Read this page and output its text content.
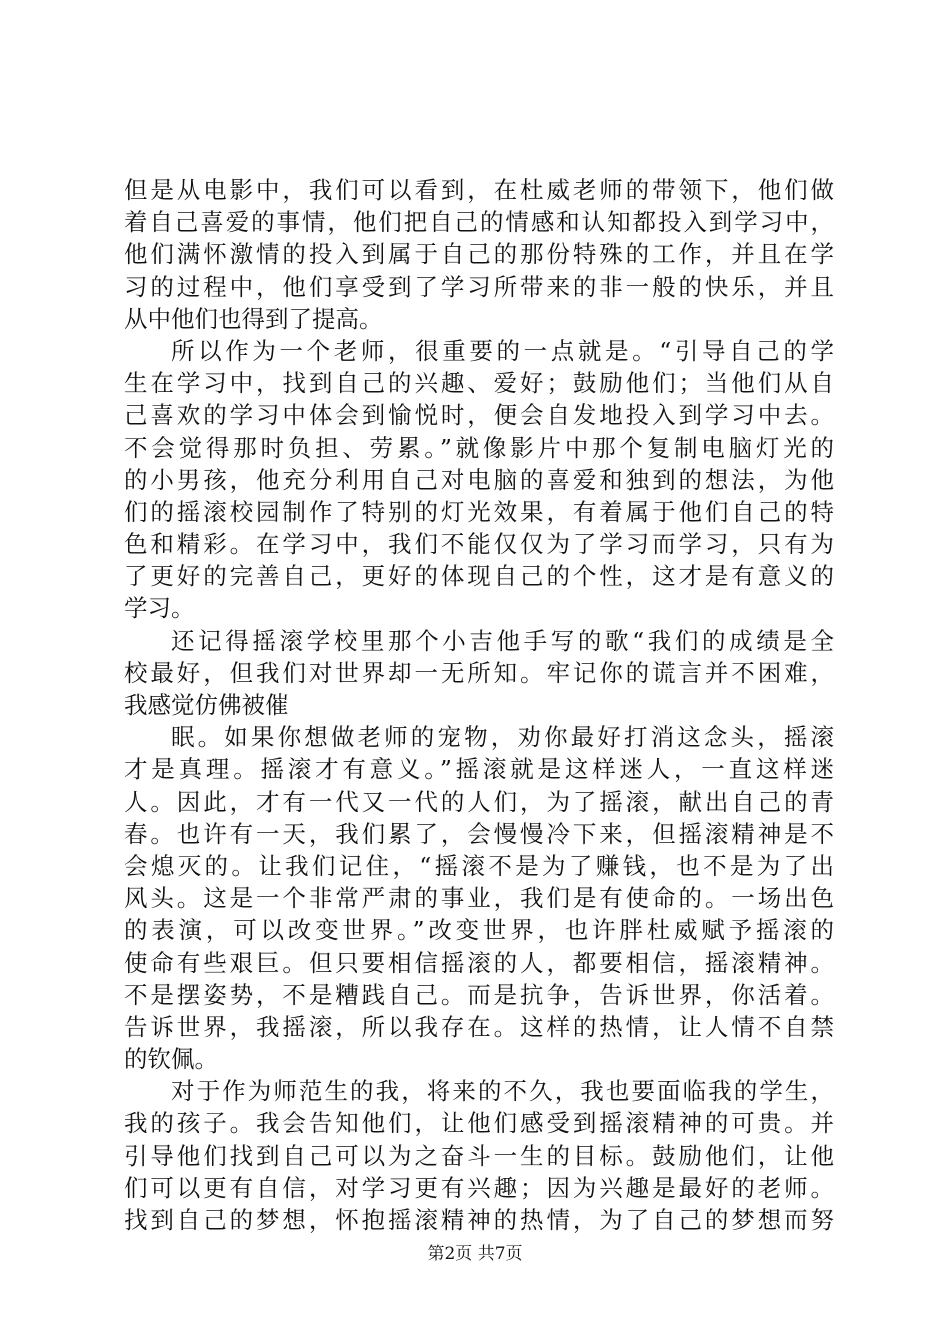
但是从电影中，我们可以看到，在杜威老师的带领下，他们做
着自己喜爱的事情，他们把自己的情感和认知都投入到学习中，
他们满怀激情的投入到属于自己的那份特殊的工作，并且在学
习的过程中，他们享受到了学习所带来的非一般的快乐，并且
从中他们也得到了提高。
所以作为一个老师，很重要的一点就是。“引导自己的学
生在学习中，找到自己的兴趣、爱好；鼓励他们；当他们从自
己喜欢的学习中体会到愉悦时，便会自发地投入到学习中去。
不会觉得那时负担、劳累。”就像影片中那个复制电脑灯光的
的小男孩，他充分利用自己对电脑的喜爱和独到的想法，为他
们的摇滚校园制作了特别的灯光效果，有着属于他们自己的特
色和精彩。在学习中，我们不能仅仅为了学习而学习，只有为
了更好的完善自己，更好的体现自己的个性，这才是有意义的
学习。
还记得摇滚学校里那个小吉他手写的歌“我们的成绩是全
校最好，但我们对世界却一无所知。牢记你的谎言并不困难，
我感觉仿佛被催
眠。如果你想做老师的宠物，劝你最好打消这念头，摇滚
才是真理。摇滚才有意义。”摇滚就是这样迷人，一直这样迷
人。因此，才有一代又一代的人们，为了摇滚，献出自己的青
春。也许有一天，我们累了，会慢慢冷下来，但摇滚精神是不
会熄灭的。让我们记住，“摇滚不是为了赚钱，也不是为了出
风头。这是一个非常严肃的事业，我们是有使命的。一场出色
的表演，可以改变世界。”改变世界，也许胖杜威赋予摇滚的
使命有些艰巨。但只要相信摇滚的人，都要相信，摇滚精神。
不是摆姿势，不是糟践自己。而是抗争，告诉世界，你活着。
告诉世界，我摇滚，所以我存在。这样的热情，让人情不自禁
的钦佩。
对于作为师范生的我，将来的不久，我也要面临我的学生，
我的孩子。我会告知他们，让他们感受到摇滚精神的可贵。并
引导他们找到自己可以为之奋斗一生的目标。鼓励他们，让他
们可以更有自信，对学习更有兴趣；因为兴趣是最好的老师。
找到自己的梦想，怀抱摇滚精神的热情，为了自己的梦想而努
第2页 共7页
